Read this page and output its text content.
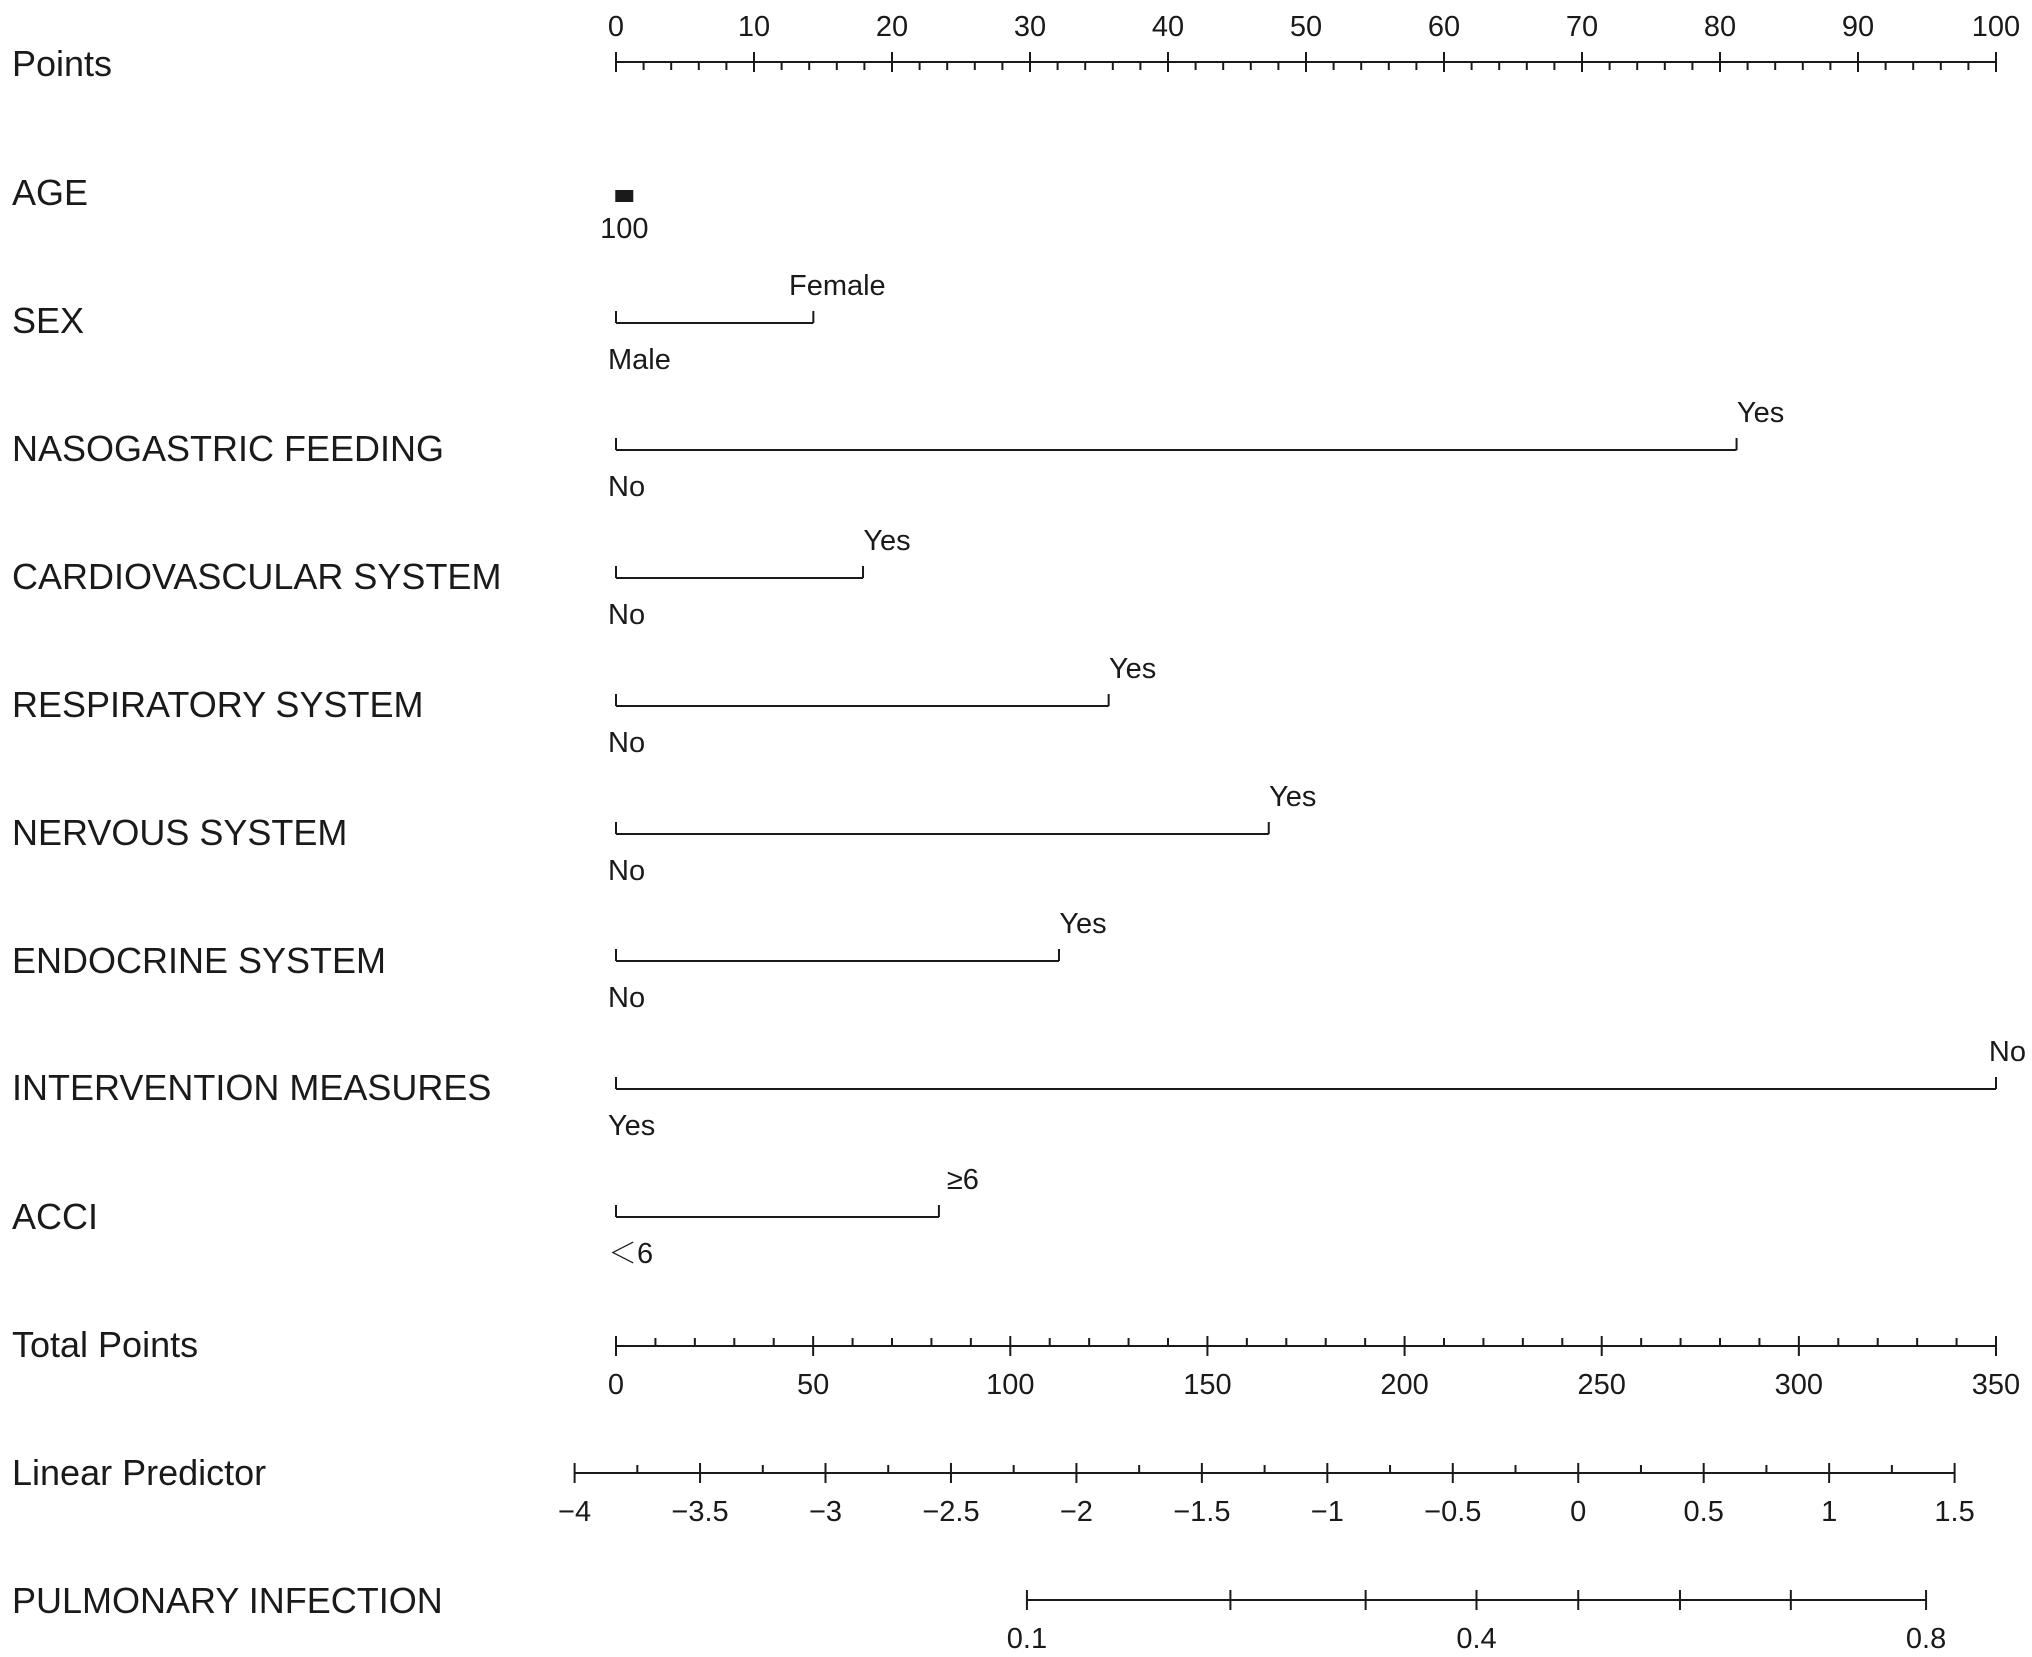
Points
AGE
SEX
NASOGASTRIC FEEDING
CARDIOVASCULAR SYSTEM
RESPIRATORY SYSTEM
NERVOUS SYSTEM
ENDOCRINE SYSTEM
INTERVENTION MEASURES
ACCI
Total Points
Linear Predictor
PULMONARY INFECTION
0	10	20	30	40	50	60	70	80	90	100
100
Male
Female
No
Yes
No
Yes
No
Yes
No
Yes
No
Yes
Yes
No
＜6
≥6
0	50	100	150	200	250	300	350
−4	−3.5	−3	−2.5	−2	−1.5	−1	−0.5	0	0.5	1	1.5
0.1	0.4	0.8
